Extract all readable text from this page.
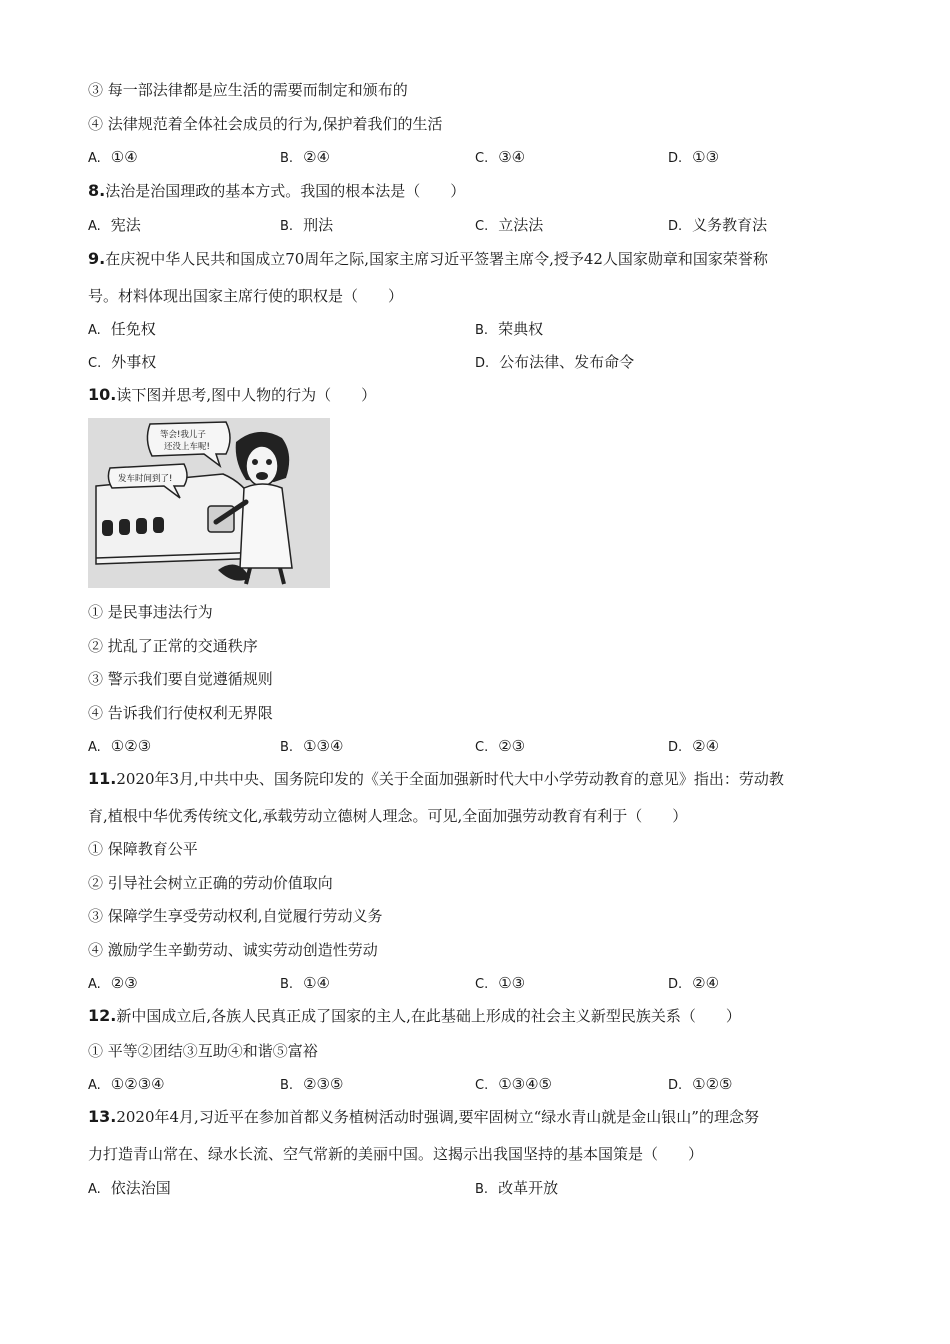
③ 每一部法律都是应生活的需要而制定和颁布的
④ 法律规范着全体社会成员的行为,保护着我们的生活
A. ①④	B. ②④	C. ③④	D. ①③
8.法治是治国理政的基本方式。我国的根本法是（　　）
A. 宪法	B. 刑法	C. 立法法	D. 义务教育法
9.在庆祝中华人民共和国成立70周年之际,国家主席习近平签署主席令,授予42人国家勋章和国家荣誉称
号。材料体现出国家主席行使的职权是（　　）
A. 任免权	B. 荣典权
C. 外事权	D. 公布法律、发布命令
10.读下图并思考,图中人物的行为（　　）
等会!我儿子
还没上车呢!
发车时间到了!
① 是民事违法行为
② 扰乱了正常的交通秩序
③ 警示我们要自觉遵循规则
④ 告诉我们行使权利无界限
A. ①②③	B. ①③④	C. ②③	D. ②④
11.2020年3月,中共中央、国务院印发的《关于全面加强新时代大中小学劳动教育的意见》指出：劳动教
育,植根中华优秀传统文化,承载劳动立德树人理念。可见,全面加强劳动教育有利于（　　）
① 保障教育公平
② 引导社会树立正确的劳动价值取向
③ 保障学生享受劳动权利,自觉履行劳动义务
④ 激励学生辛勤劳动、诚实劳动创造性劳动
A. ②③	B. ①④	C. ①③	D. ②④
12.新中国成立后,各族人民真正成了国家的主人,在此基础上形成的社会主义新型民族关系（　　）
① 平等②团结③互助④和谐⑤富裕
A. ①②③④	B. ②③⑤	C. ①③④⑤	D. ①②⑤
13.2020年4月,习近平在参加首都义务植树活动时强调,要牢固树立“绿水青山就是金山银山”的理念努
力打造青山常在、绿水长流、空气常新的美丽中国。这揭示出我国坚持的基本国策是（　　）
A. 依法治国	B. 改革开放
